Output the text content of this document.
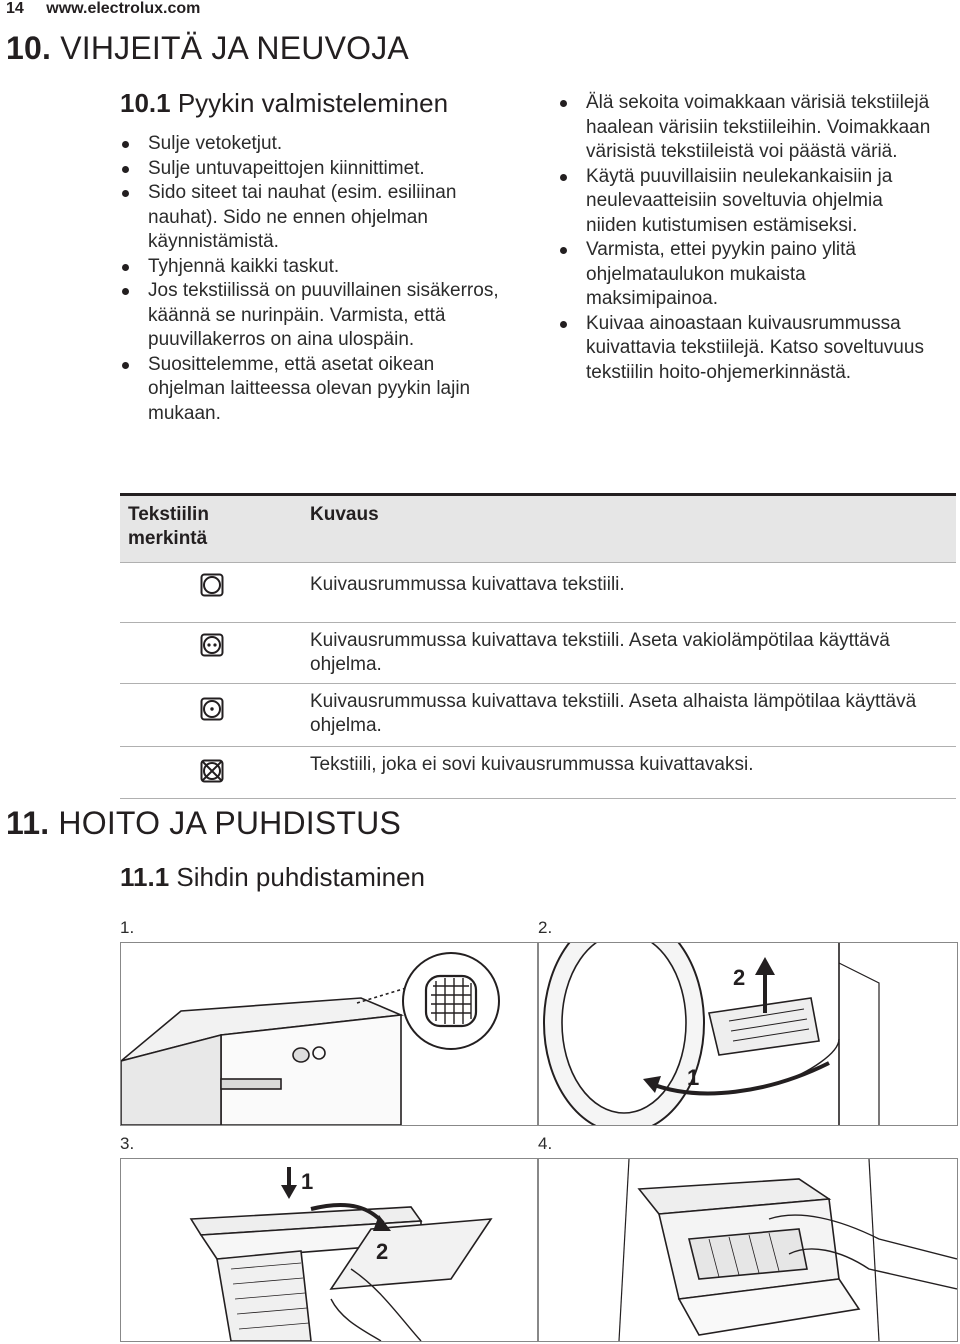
14 www.electrolux.com
10. VIHJEITÄ JA NEUVOJA
10.1 Pyykin valmisteleminen
Sulje vetoketjut.
Sulje untuvapeittojen kiinnittimet.
Sido siteet tai nauhat (esim. esiliinan nauhat). Sido ne ennen ohjelman käynnistämistä.
Tyhjennä kaikki taskut.
Jos tekstiilissä on puuvillainen sisäkerros, käännä se nurinpäin. Varmista, että puuvillakerros on aina ulospäin.
Suosittelemme, että asetat oikean ohjelman laitteessa olevan pyykin lajin mukaan.
Älä sekoita voimakkaan värisiä tekstiilejä haalean värisiin tekstiileihin. Voimakkaan värisistä tekstiileistä voi päästä väriä.
Käytä puuvillaisiin neulekankaisiin ja neulevaatteisiin soveltuvia ohjelmia niiden kutistumisen estämiseksi.
Varmista, ettei pyykin paino ylitä ohjelmataulukon mukaista maksimipainoa.
Kuivaa ainoastaan kuivausrummussa kuivattavia tekstiilejä. Katso soveltuvuus tekstiilin hoito-ohjemerkinnästä.
Tekstiilin merkintä
Kuvaus
Kuivausrummussa kuivattava tekstiili.
Kuivausrummussa kuivattava tekstiili. Aseta vakiolämpötilaa käyttävä ohjelma.
Kuivausrummussa kuivattava tekstiili. Aseta alhaista lämpötilaa käyttävä ohjelma.
Tekstiili, joka ei sovi kuivausrummussa kuivattavaksi.
11. HOITO JA PUHDISTUS
11.1 Sihdin puhdistaminen
1.	2.
3.	4.
2
1
1
2
